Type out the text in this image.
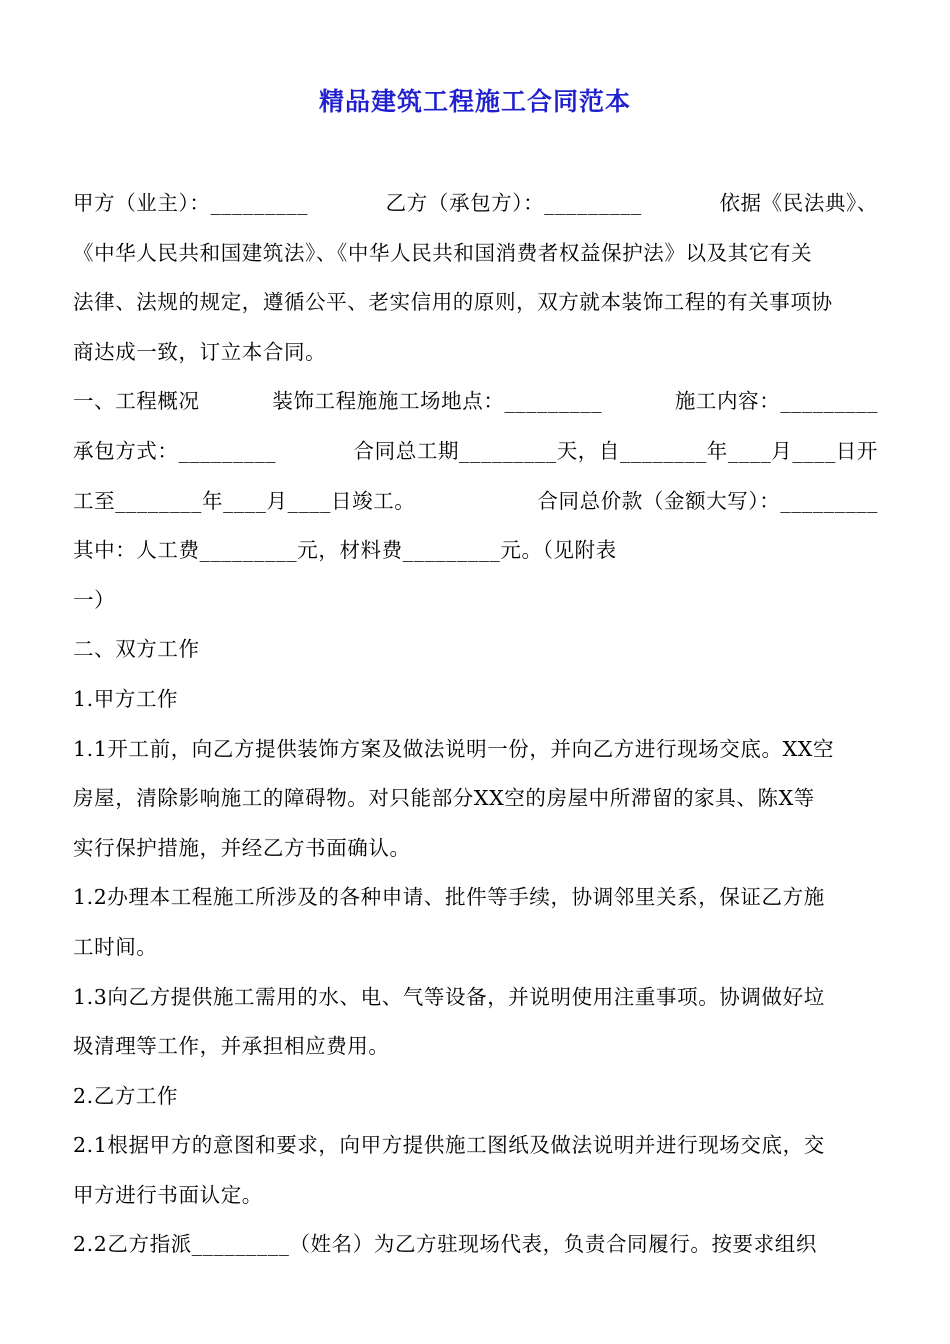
精品建筑工程施工合同范本
甲方（业主）：_________	乙方（承包方）：_________	依据《民法典》、
《中华人民共和国建筑法》、《中华人民共和国消费者权益保护法》以及其它有关
法律、法规的规定，遵循公平、老实信用的原则，双方就本装饰工程的有关事项协
商达成一致，订立本合同。
一、工程概况	装饰工程施施工场地点：_________	施工内容：_________
承包方式：_________	合同总工期_________天，自________年____月____日开
工至________年____月____日竣工。	合同总价款（金额大写）：_________
其中：人工费_________元，材料费_________元。（见附表
一）
二、双方工作
1.甲方工作
1.1开工前，向乙方提供装饰方案及做法说明一份，并向乙方进行现场交底。XX空
房屋，清除影响施工的障碍物。对只能部分XX空的房屋中所滞留的家具、陈X等
实行保护措施，并经乙方书面确认。
1.2办理本工程施工所涉及的各种申请、批件等手续，协调邻里关系，保证乙方施
工时间。
1.3向乙方提供施工需用的水、电、气等设备，并说明使用注重事项。协调做好垃
圾清理等工作，并承担相应费用。
2.乙方工作
2.1根据甲方的意图和要求，向甲方提供施工图纸及做法说明并进行现场交底，交
甲方进行书面认定。
2.2乙方指派_________（姓名）为乙方驻现场代表，负责合同履行。按要求组织
